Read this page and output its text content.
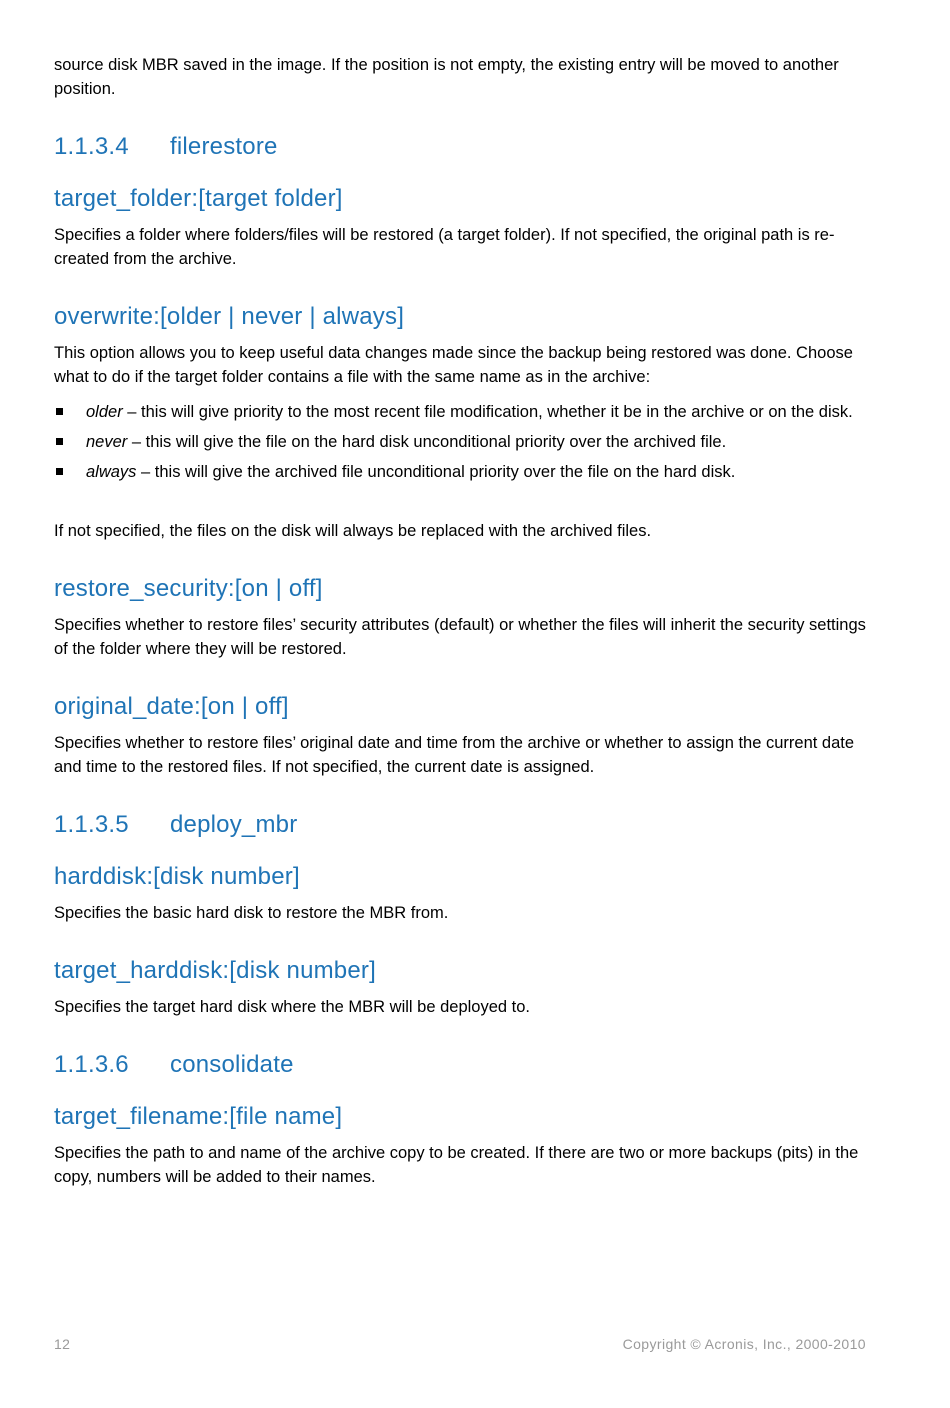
source disk MBR saved in the image. If the position is not empty, the existing entry will be moved to another position.

1.1.3.4 filerestore
target_folder:[target folder]

Specifies a folder where folders/files will be restored (a target folder). If not specified, the original path is re-created from the archive.

overwrite:[older | never | always]

This option allows you to keep useful data changes made since the backup being restored was done. Choose what to do if the target folder contains a file with the same name as in the archive:

older – this will give priority to the most recent file modification, whether it be in the archive or on the disk.
never – this will give the file on the hard disk unconditional priority over the archived file.
always – this will give the archived file unconditional priority over the file on the hard disk.

If not specified, the files on the disk will always be replaced with the archived files.

restore_security:[on | off]

Specifies whether to restore files’ security attributes (default) or whether the files will inherit the security settings of the folder where they will be restored.

original_date:[on | off]

Specifies whether to restore files’ original date and time from the archive or whether to assign the current date and time to the restored files. If not specified, the current date is assigned.

1.1.3.5 deploy_mbr
harddisk:[disk number]

Specifies the basic hard disk to restore the MBR from.

target_harddisk:[disk number]

Specifies the target hard disk where the MBR will be deployed to.

1.1.3.6 consolidate
target_filename:[file name]

Specifies the path to and name of the archive copy to be created. If there are two or more backups (pits) in the copy, numbers will be added to their names.

12	Copyright © Acronis, Inc., 2000-2010
